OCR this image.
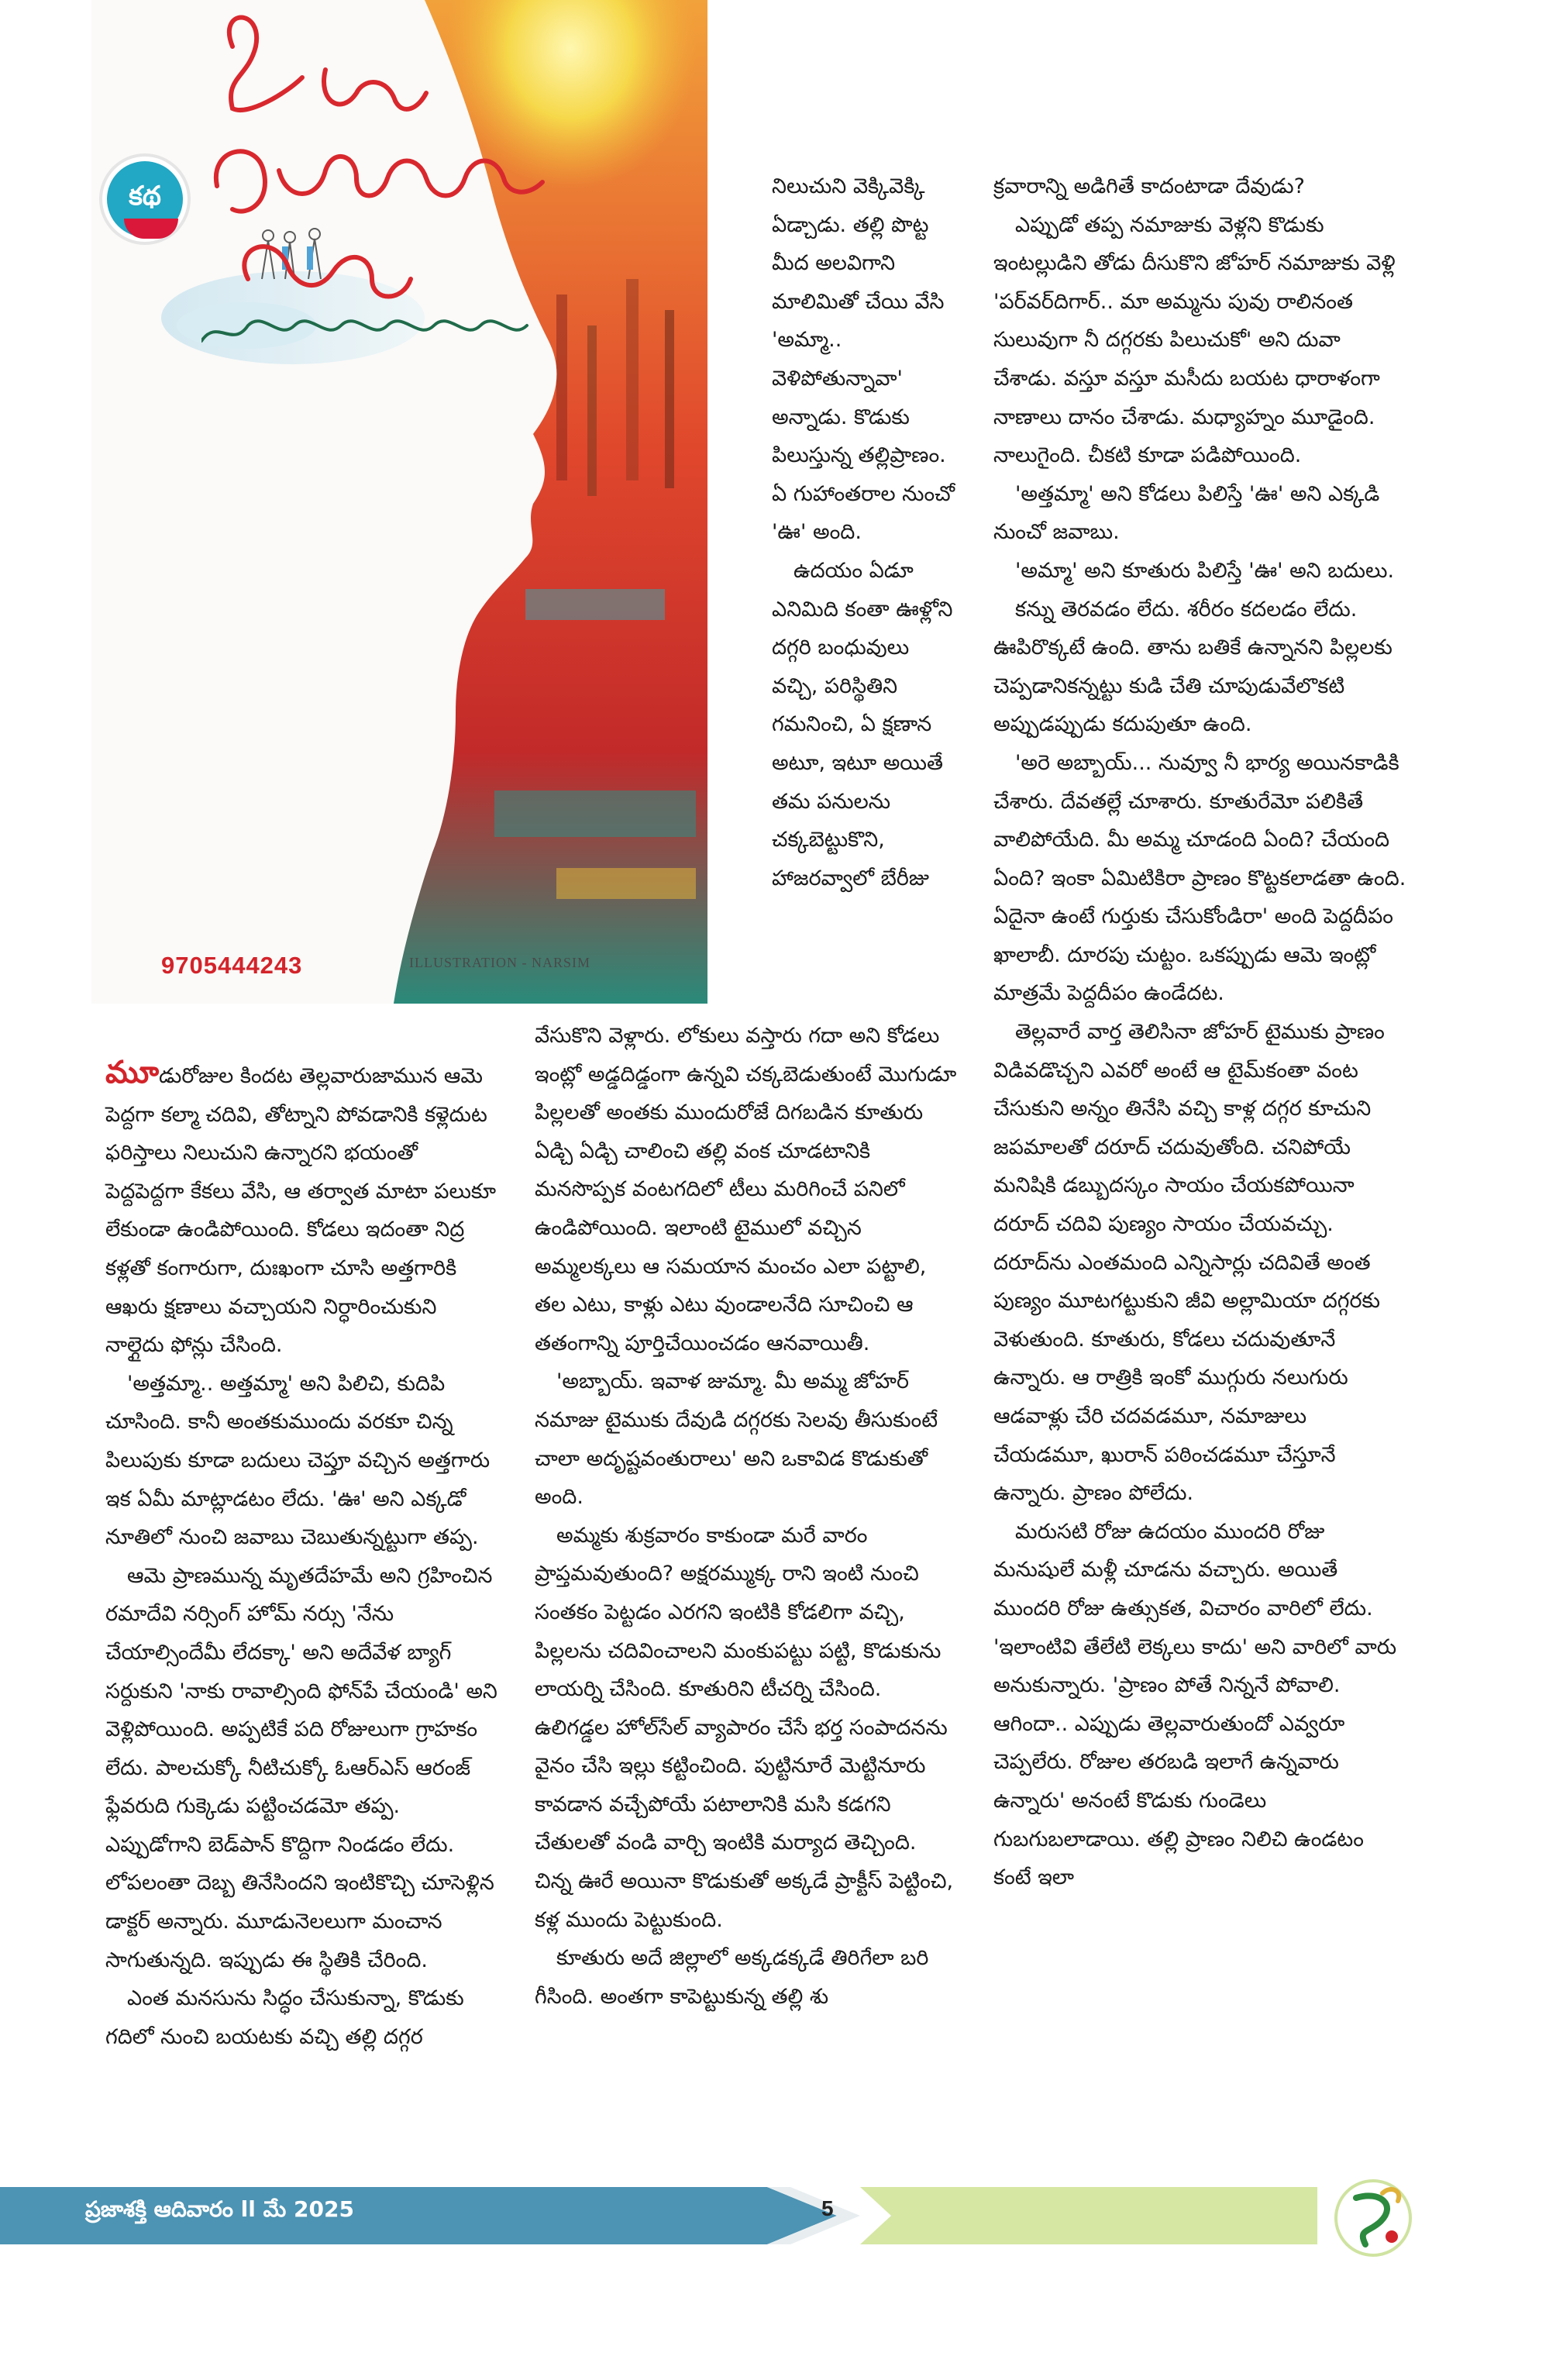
కథ
9705444243	ILLUSTRATION - NARSIM

నిలుచుని వెక్కివెక్కి ఏడ్చాడు. తల్లి పొట్ట మీద అలవిగాని మాలిమితో చేయి వేసి 'అమ్మా.. వెళిపోతున్నావా' అన్నాడు. కొడుకు పిలుస్తున్న తల్లిప్రాణం. ఏ గుహాంతరాల నుంచో 'ఊ' అంది.

ఉదయం ఏడూ ఎనిమిది కంతా ఊళ్లోని దగ్గరి బంధువులు వచ్చి, పరిస్థితిని గమనించి, ఏ క్షణాన అటూ, ఇటూ అయితే తమ పనులను చక్కబెట్టుకొని, హాజరవ్వాలో బేరీజు

మూడురోజుల కిందట తెల్లవారుజామున ఆమె పెద్దగా కల్మా చదివి, తోట్నాని పోవడానికి కళ్లెదుట ఫరిస్తాలు నిలుచుని ఉన్నారని భయంతో పెద్దపెద్దగా కేకలు వేసి, ఆ తర్వాత మాటా పలుకూ లేకుండా ఉండిపోయింది. కోడలు ఇదంతా నిద్ర కళ్లతో కంగారుగా, దుఃఖంగా చూసి అత్తగారికి ఆఖరు క్షణాలు వచ్చాయని నిర్ధారించుకుని నాల్గైదు ఫోన్లు చేసింది.

'అత్తమ్మా.. అత్తమ్మా' అని పిలిచి, కుదిపి చూసింది. కానీ అంతకుముందు వరకూ చిన్న పిలుపుకు కూడా బదులు చెప్తూ వచ్చిన అత్తగారు ఇక ఏమీ మాట్లాడటం లేదు. 'ఊ' అని ఎక్కడో నూతిలో నుంచి జవాబు చెబుతున్నట్టుగా తప్ప.

ఆమె ప్రాణమున్న మృతదేహమే అని గ్రహించిన రమాదేవి నర్సింగ్ హోమ్ నర్సు 'నేను చేయాల్సిందేమీ లేదక్కా' అని అదేవేళ బ్యాగ్ సర్దుకుని 'నాకు రావాల్సింది ఫోన్‌పే చేయండి' అని వెళ్లిపోయింది. అప్పటికే పది రోజులుగా గ్రాహకం లేదు. పాలచుక్కో నీటిచుక్కో ఓఆర్ఎస్ ఆరంజ్ ఫ్లేవరుది గుక్కెడు పట్టించడమో తప్ప. ఎప్పుడోగాని బెడ్‌పాన్ కొద్దిగా నిండడం లేదు. లోపలంతా దెబ్బ తినేసిందని ఇంటికొచ్చి చూసెళ్లిన డాక్టర్ అన్నారు. మూడునెలలుగా మంచాన సాగుతున్నది. ఇప్పుడు ఈ స్థితికి చేరింది.

ఎంత మనసును సిద్ధం చేసుకున్నా, కొడుకు గదిలో నుంచి బయటకు వచ్చి తల్లి దగ్గర

వేసుకొని వెళ్లారు. లోకులు వస్తారు గదా అని కోడలు ఇంట్లో అడ్డదిడ్డంగా ఉన్నవి చక్కబెడుతుంటే మొగుడూ పిల్లలతో అంతకు ముందురోజే దిగబడిన కూతురు ఏడ్చి ఏడ్చి చాలించి తల్లి వంక చూడటానికి మనసొప్పక వంటగదిలో టీలు మరిగించే పనిలో ఉండిపోయింది. ఇలాంటి టైములో వచ్చిన అమ్మలక్కలు ఆ సమయాన మంచం ఎలా పట్టాలి, తల ఎటు, కాళ్లు ఎటు వుండాలనేది సూచించి ఆ తతంగాన్ని పూర్తిచేయించడం ఆనవాయితీ.

'అబ్బాయ్. ఇవాళ జుమ్మా. మీ అమ్మ జోహర్ నమాజు టైముకు దేవుడి దగ్గరకు సెలవు తీసుకుంటే చాలా అదృష్టవంతురాలు' అని ఒకావిడ కొడుకుతో అంది.

అమ్మకు శుక్రవారం కాకుండా మరే వారం ప్రాప్తమవుతుంది? అక్షరమ్ముక్క రాని ఇంటి నుంచి సంతకం పెట్టడం ఎరగని ఇంటికి కోడలిగా వచ్చి, పిల్లలను చదివించాలని మంకుపట్టు పట్టి, కొడుకును లాయర్ని చేసింది. కూతురిని టీచర్ని చేసింది. ఉలిగడ్డల హోల్‌సేల్ వ్యాపారం చేసే భర్త సంపాదనను వైనం చేసి ఇల్లు కట్టించింది. పుట్టినూరే మెట్టినూరు కావడాన వచ్చేపోయే పటాలానికి మసి కడగని చేతులతో వండి వార్చి ఇంటికి మర్యాద తెచ్చింది. చిన్న ఊరే అయినా కొడుకుతో అక్కడే ప్రాక్టీస్ పెట్టించి, కళ్ల ముందు పెట్టుకుంది.

కూతురు అదే జిల్లాలో అక్కడక్కడే తిరిగేలా బరి గీసింది. అంతగా కాపెట్టుకున్న తల్లి శు

క్రవారాన్ని అడిగితే కాదంటాడా దేవుడు?

ఎప్పుడో తప్ప నమాజుకు వెళ్లని కొడుకు ఇంటల్లుడిని తోడు దీసుకొని జోహర్ నమాజుకు వెళ్లి 'పర్‌వర్‌దిగార్.. మా అమ్మను పువు రాలినంత సులువుగా నీ దగ్గరకు పిలుచుకో' అని దువా చేశాడు. వస్తూ వస్తూ మసీదు బయట ధారాళంగా నాణాలు దానం చేశాడు. మధ్యాహ్నం మూడైంది. నాలుగైంది. చీకటి కూడా పడిపోయింది.

'అత్తమ్మా' అని కోడలు పిలిస్తే 'ఊ' అని ఎక్కడి నుంచో జవాబు.

'అమ్మా' అని కూతురు పిలిస్తే 'ఊ' అని బదులు.

కన్ను తెరవడం లేదు. శరీరం కదలడం లేదు. ఊపిరొక్కటే ఉంది. తాను బతికే ఉన్నానని పిల్లలకు చెప్పడానికన్నట్టు కుడి చేతి చూపుడువేలొకటి అప్పుడప్పుడు కదుపుతూ ఉంది.

'అరె అబ్బాయ్... నువ్వూ నీ భార్య అయినకాడికి చేశారు. దేవతల్లే చూశారు. కూతురేమో పలికితే వాలిపోయేది. మీ అమ్మ చూడంది ఏంది? చేయంది ఏంది? ఇంకా ఏమిటికిరా ప్రాణం కొట్టకలాడతా ఉంది. ఏదైనా ఉంటే గుర్తుకు చేసుకోండిరా' అంది పెద్దదీపం ఖాలాబీ. దూరపు చుట్టం. ఒకప్పుడు ఆమె ఇంట్లో మాత్రమే పెద్దదీపం ఉండేదట.

తెల్లవారే వార్త తెలిసినా జోహర్ టైముకు ప్రాణం విడివడొచ్చని ఎవరో అంటే ఆ టైమ్‌కంతా వంట చేసుకుని అన్నం తినేసి వచ్చి కాళ్ల దగ్గర కూచుని జపమాలతో దరూద్ చదువుతోంది. చనిపోయే మనిషికి డబ్బుదస్కం సాయం చేయకపోయినా దరూద్ చదివి పుణ్యం సాయం చేయవచ్చు. దరూద్‌ను ఎంతమంది ఎన్నిసార్లు చదివితే అంత పుణ్యం మూటగట్టుకుని జీవి అల్లామియా దగ్గరకు వెళుతుంది. కూతురు, కోడలు చదువుతూనే ఉన్నారు. ఆ రాత్రికి ఇంకో ముగ్గురు నలుగురు ఆడవాళ్లు చేరి చదవడమూ, నమాజులు చేయడమూ, ఖురాన్ పఠించడమూ చేస్తూనే ఉన్నారు. ప్రాణం పోలేదు.

మరుసటి రోజు ఉదయం ముందరి రోజు మనుషులే మళ్లీ చూడను వచ్చారు. అయితే ముందరి రోజు ఉత్సుకత, విచారం వారిలో లేదు. 'ఇలాంటివి తేలేటి లెక్కలు కాదు' అని వారిలో వారు అనుకున్నారు. 'ప్రాణం పోతే నిన్ననే పోవాలి. ఆగిందా.. ఎప్పుడు తెల్లవారుతుందో ఎవ్వరూ చెప్పలేరు. రోజుల తరబడి ఇలాగే ఉన్నవారు ఉన్నారు' అనంటే కొడుకు గుండెలు గుబగుబలాడాయి. తల్లి ప్రాణం నిలిచి ఉండటం కంటే ఇలా

ప్రజాశక్తి ఆదివారం ll మే 2025	5
